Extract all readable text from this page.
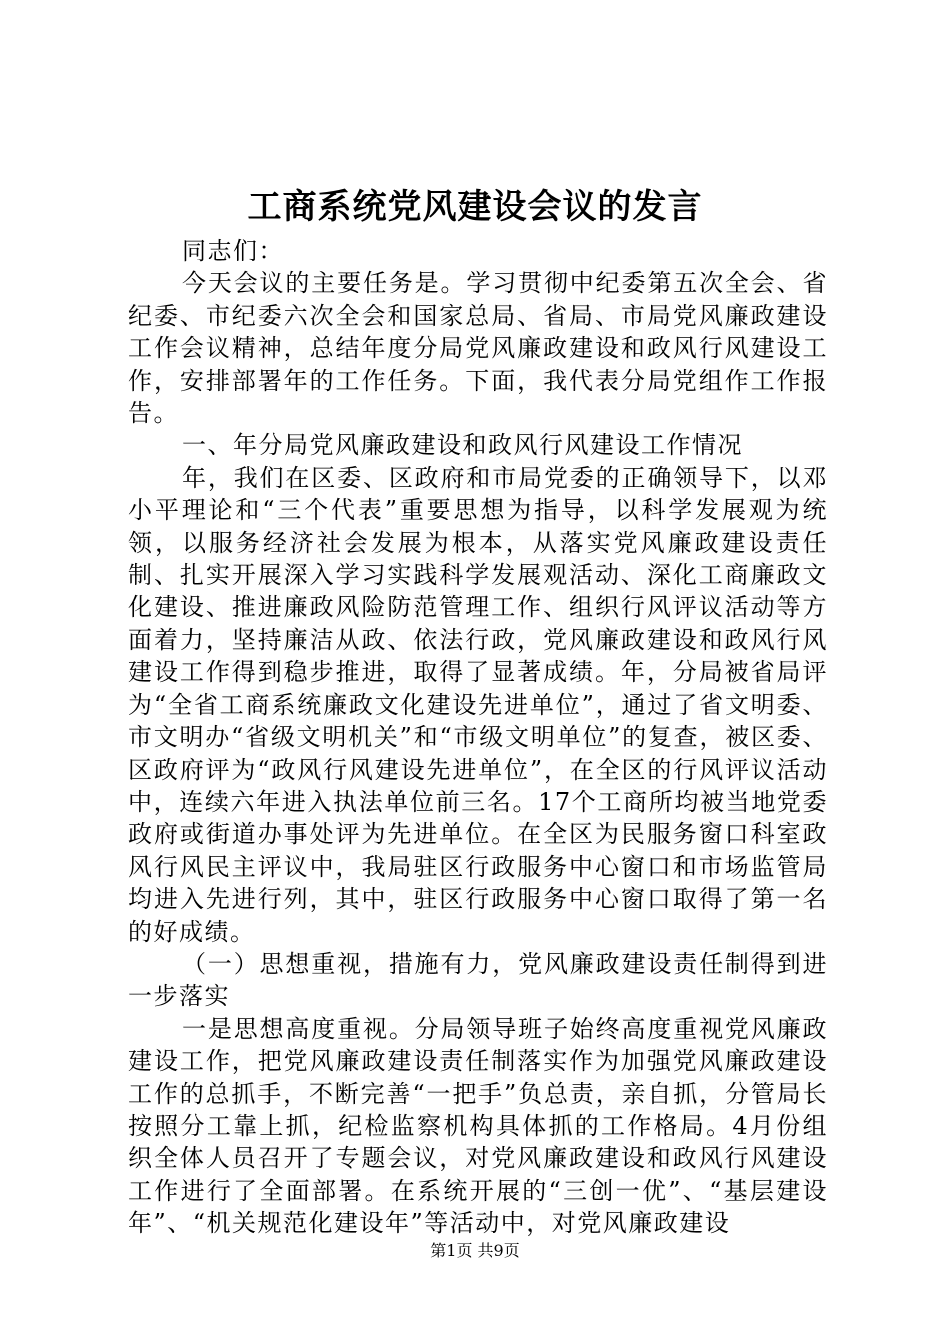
工商系统党风建设会议的发言

同志们：

今天会议的主要任务是。学习贯彻中纪委第五次全会、省纪委、市纪委六次全会和国家总局、省局、市局党风廉政建设工作会议精神，总结年度分局党风廉政建设和政风行风建设工作，安排部署年的工作任务。下面，我代表分局党组作工作报告。

一、年分局党风廉政建设和政风行风建设工作情况

年，我们在区委、区政府和市局党委的正确领导下，以邓小平理论和“三个代表”重要思想为指导，以科学发展观为统领，以服务经济社会发展为根本，从落实党风廉政建设责任制、扎实开展深入学习实践科学发展观活动、深化工商廉政文化建设、推进廉政风险防范管理工作、组织行风评议活动等方面着力，坚持廉洁从政、依法行政，党风廉政建设和政风行风建设工作得到稳步推进，取得了显著成绩。年，分局被省局评为“全省工商系统廉政文化建设先进单位”，通过了省文明委、市文明办“省级文明机关”和“市级文明单位”的复查，被区委、区政府评为“政风行风建设先进单位”，在全区的行风评议活动中，连续六年进入执法单位前三名。17个工商所均被当地党委政府或街道办事处评为先进单位。在全区为民服务窗口科室政风行风民主评议中，我局驻区行政服务中心窗口和市场监管局均进入先进行列，其中，驻区行政服务中心窗口取得了第一名的好成绩。

（一）思想重视，措施有力，党风廉政建设责任制得到进一步落实

一是思想高度重视。分局领导班子始终高度重视党风廉政建设工作，把党风廉政建设责任制落实作为加强党风廉政建设工作的总抓手，不断完善“一把手”负总责，亲自抓，分管局长按照分工靠上抓，纪检监察机构具体抓的工作格局。4月份组织全体人员召开了专题会议，对党风廉政建设和政风行风建设工作进行了全面部署。在系统开展的“三创一优”、“基层建设年”、“机关规范化建设年”等活动中，对党风廉政建设

第1页 共9页
